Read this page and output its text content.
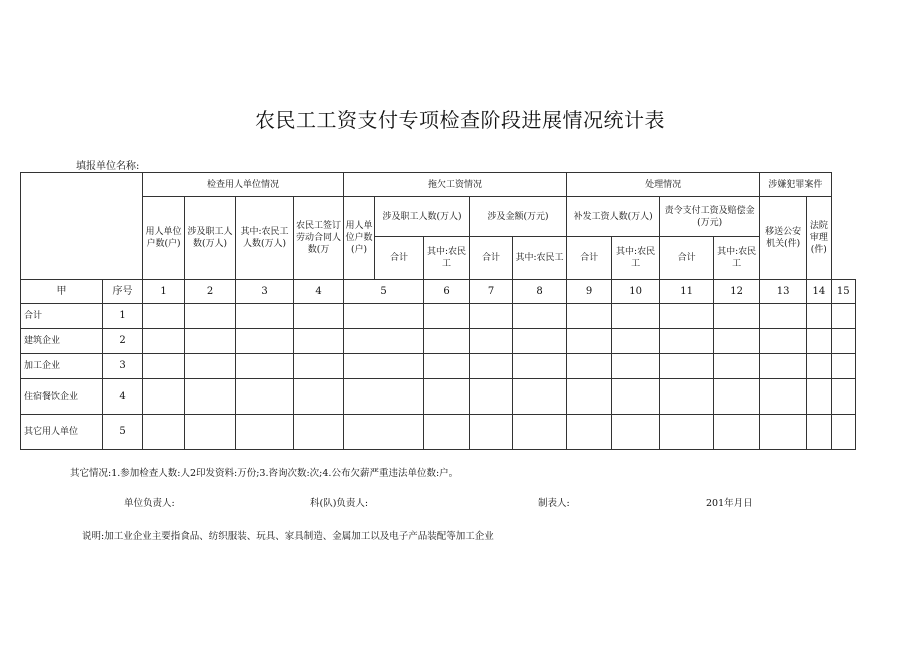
农民工工资支付专项检查阶段进展情况统计表
填报单位名称:
		检查用人单位情况				拖欠工资情况					处理情况				涉嫌犯罪案件		
		用人单位户数(户)	涉及职工人数(万人)	其中:农民工人数(万人)	农民工签订劳动合同人数(万	用人单位户数(户)	涉及职工人数(万人)		涉及金额(万元)		补发工资人数(万人)		责令支付工资及赔偿金(万元)		移送公安机关(件)	法院审理(件)	
							合计	其中:农民工	合计	其中:农民工	合计	其中:农民工	合计	其中:农民工			
甲	序号	1	2	3	4	5		6	7	8	9	10	11	12	13	14	15
合计	1																
建筑企业	2																
加工企业	3																
住宿餐饮企业	4																
其它用人单位	5																
其它情况:1.参加检查人数:人2印发资料:万份;3.咨询次数:次;4.公布欠薪严重违法单位数:户。
单位负责人:	科(队)负责人:	制表人:	201年月日
说明:加工业企业主要指食品、纺织服装、玩具、家具制造、金属加工以及电子产品装配等加工企业
